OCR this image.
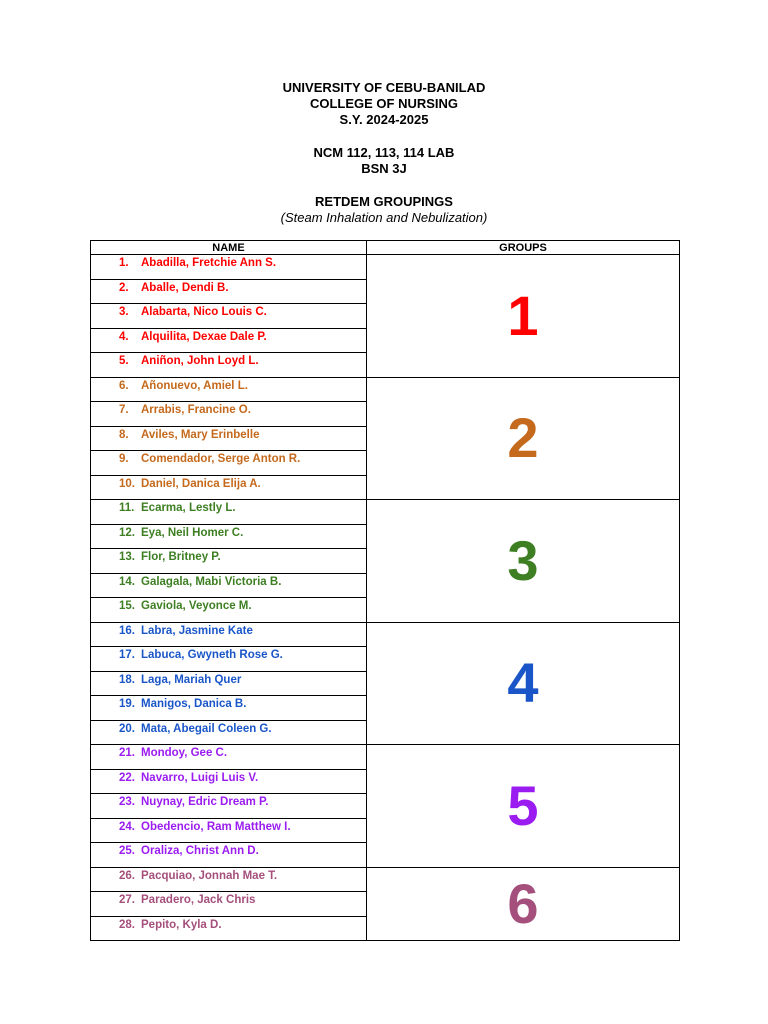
UNIVERSITY OF CEBU-BANILAD

COLLEGE OF NURSING

S.Y. 2024-2025

NCM 112, 113, 114 LAB

BSN 3J

RETDEM GROUPINGS

(Steam Inhalation and Nebulization)

NAME	GROUPS
1. Abadilla, Fretchie Ann S.	1
2. Aballe, Dendi B.	
3. Alabarta, Nico Louis C.	
4. Alquilita, Dexae Dale P.	
5. Aniñon, John Loyd L.	
6. Añonuevo, Amiel L.	2
7. Arrabis, Francine O.	
8. Aviles, Mary Erinbelle	
9. Comendador, Serge Anton R.	
10. Daniel, Danica Elija A.	
11. Ecarma, Lestly L.	3
12. Eya, Neil Homer C.	
13. Flor, Britney P.	
14. Galagala, Mabi Victoria B.	
15. Gaviola, Veyonce M.	
16. Labra, Jasmine Kate	4
17. Labuca, Gwyneth Rose G.	
18. Laga, Mariah Quer	
19. Manigos, Danica B.	
20. Mata, Abegail Coleen G.	
21. Mondoy, Gee C.	5
22. Navarro, Luigi Luis V.	
23. Nuynay, Edric Dream P.	
24. Obedencio, Ram Matthew I.	
25. Oraliza, Christ Ann D.	
26. Pacquiao, Jonnah Mae T.	6
27. Paradero, Jack Chris	
28. Pepito, Kyla D.	
